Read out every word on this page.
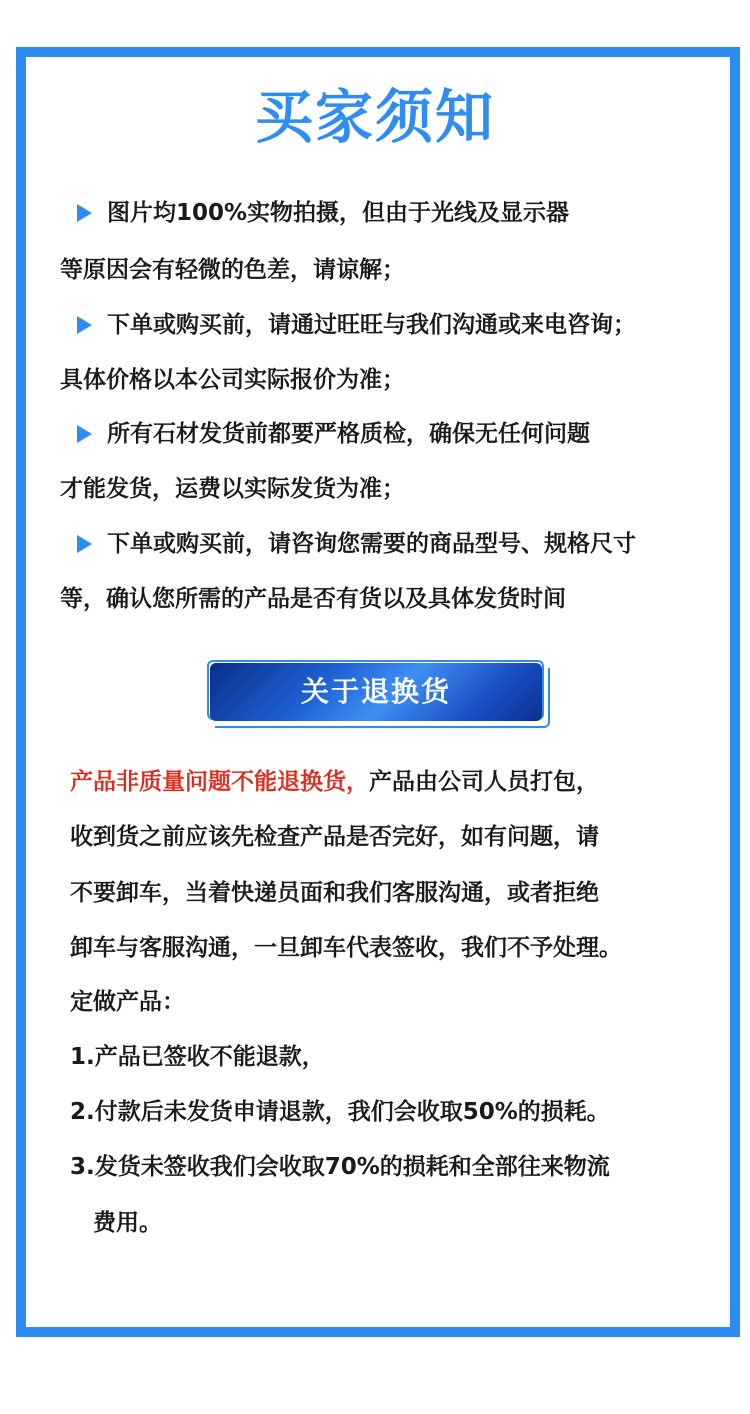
买家须知
图片均100%实物拍摄，但由于光线及显示器
等原因会有轻微的色差，请谅解；
下单或购买前，请通过旺旺与我们沟通或来电咨询；
具体价格以本公司实际报价为准；
所有石材发货前都要严格质检，确保无任何问题
才能发货，运费以实际发货为准；
下单或购买前，请咨询您需要的商品型号、规格尺寸
等，确认您所需的产品是否有货以及具体发货时间
关于退换货
产品非质量问题不能退换货，产品由公司人员打包，
收到货之前应该先检查产品是否完好，如有问题，请
不要卸车，当着快递员面和我们客服沟通，或者拒绝
卸车与客服沟通，一旦卸车代表签收，我们不予处理。
定做产品：
1.产品已签收不能退款，
2.付款后未发货申请退款，我们会收取50%的损耗。
3.发货未签收我们会收取70%的损耗和全部往来物流
费用。
